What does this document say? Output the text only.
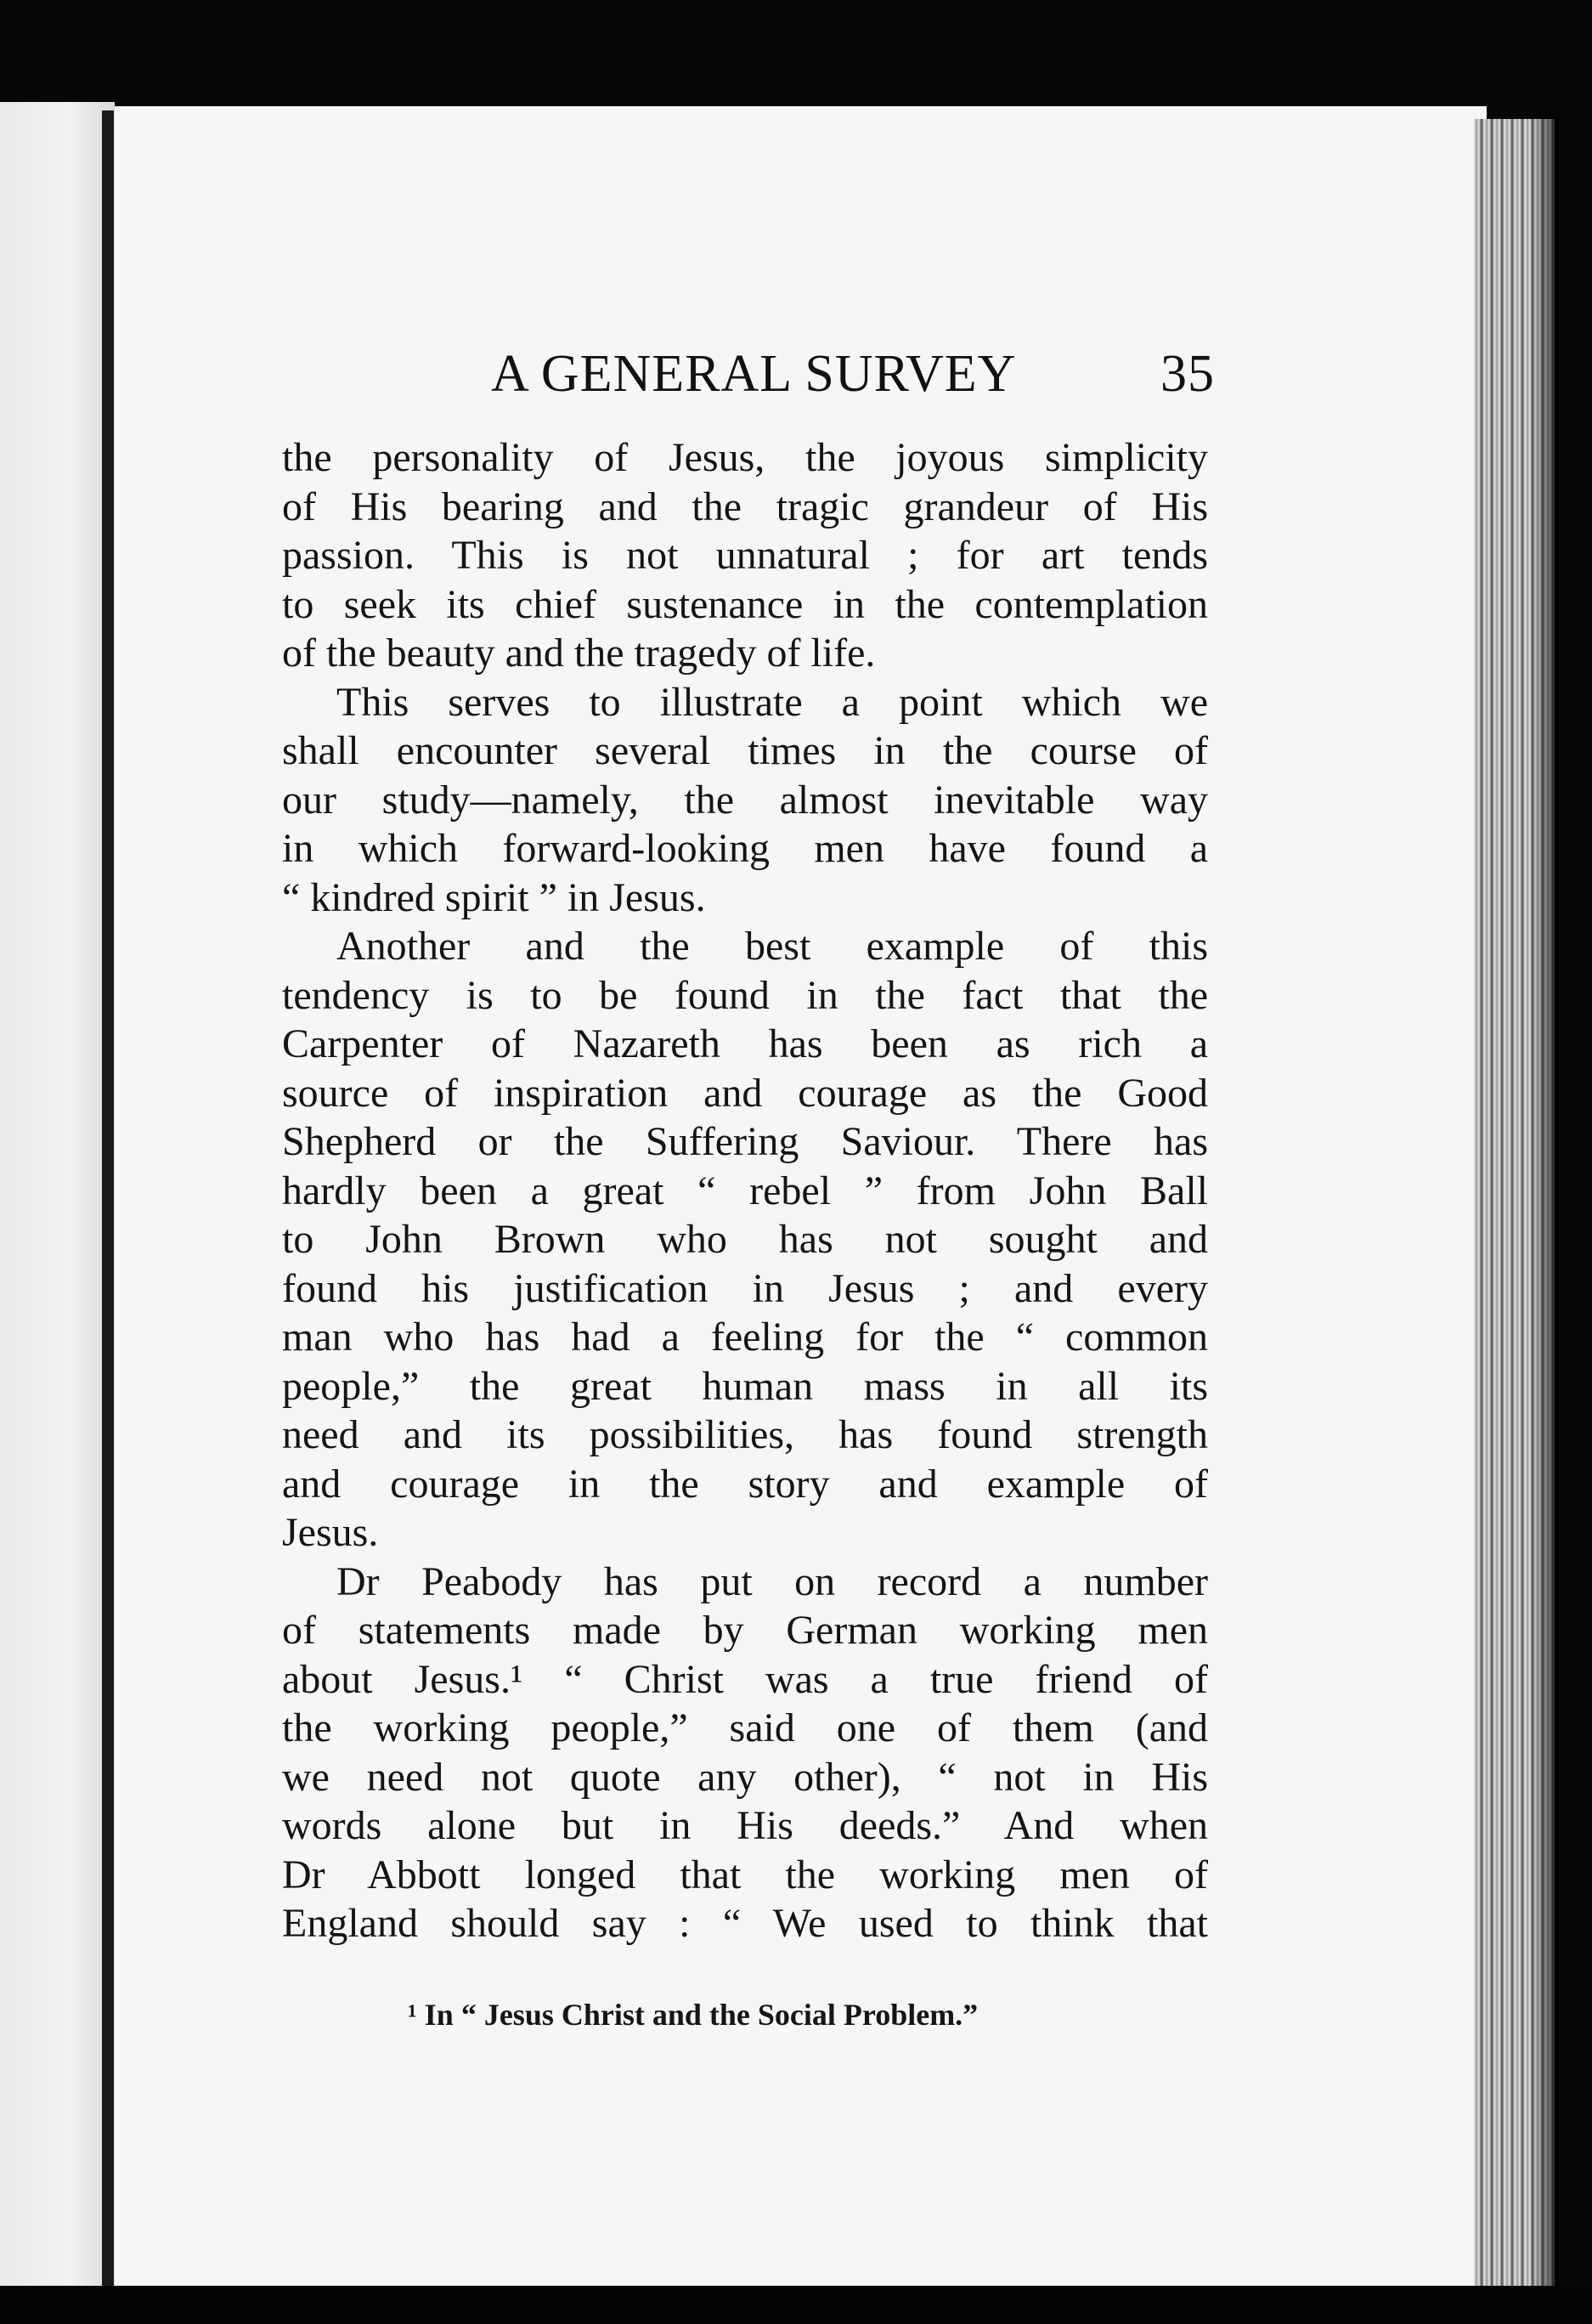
A GENERAL SURVEY	35
the personality of Jesus, the joyous simplicity
of His bearing and the tragic grandeur of His
passion. This is not unnatural ; for art tends
to seek its chief sustenance in the contemplation
of the beauty and the tragedy of life.
This serves to illustrate a point which we
shall encounter several times in the course of
our study—namely, the almost inevitable way
in which forward-looking men have found a
“ kindred spirit ” in Jesus.
Another and the best example of this
tendency is to be found in the fact that the
Carpenter of Nazareth has been as rich a
source of inspiration and courage as the Good
Shepherd or the Suffering Saviour. There has
hardly been a great “ rebel ” from John Ball
to John Brown who has not sought and
found his justification in Jesus ; and every
man who has had a feeling for the “ common
people,” the great human mass in all its
need and its possibilities, has found strength
and courage in the story and example of
Jesus.
Dr Peabody has put on record a number
of statements made by German working men
about Jesus.¹ “ Christ was a true friend of
the working people,” said one of them (and
we need not quote any other), “ not in His
words alone but in His deeds.” And when
Dr Abbott longed that the working men of
England should say : “ We used to think that
¹ In “ Jesus Christ and the Social Problem.”
